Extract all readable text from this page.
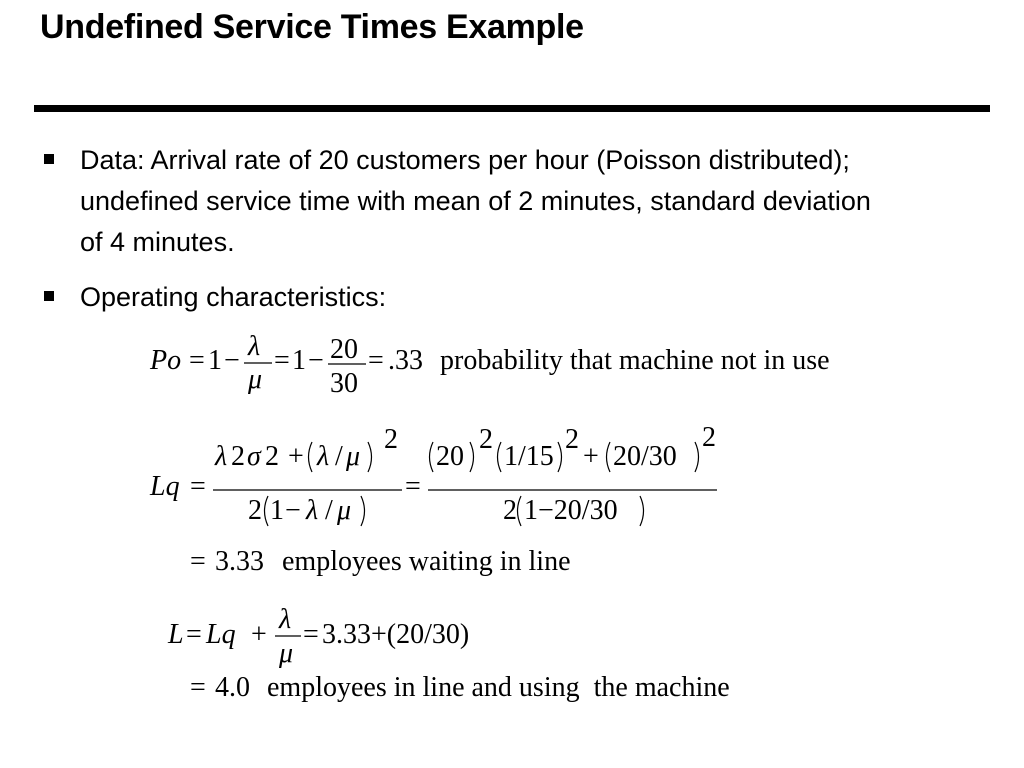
Undefined Service Times Example
Data: Arrival rate of 20 customers per hour (Poisson distributed); undefined service time with mean of 2 minutes, standard deviation of 4 minutes.
Operating characteristics:
Po = 1 − λ
μ
= 1 − 20
30
= .33 probability that machine not in use
Lq =
λ 2 σ 2 + λ / μ
2
2 1 − λ / μ
=
20
2
1/15
2
+ 20/30
2
2 1−20/30
= 3.33 employees waiting in line
L = Lq + λ
μ
= 3.33+(20/30)
= 4.0 employees in line and using  the machine
